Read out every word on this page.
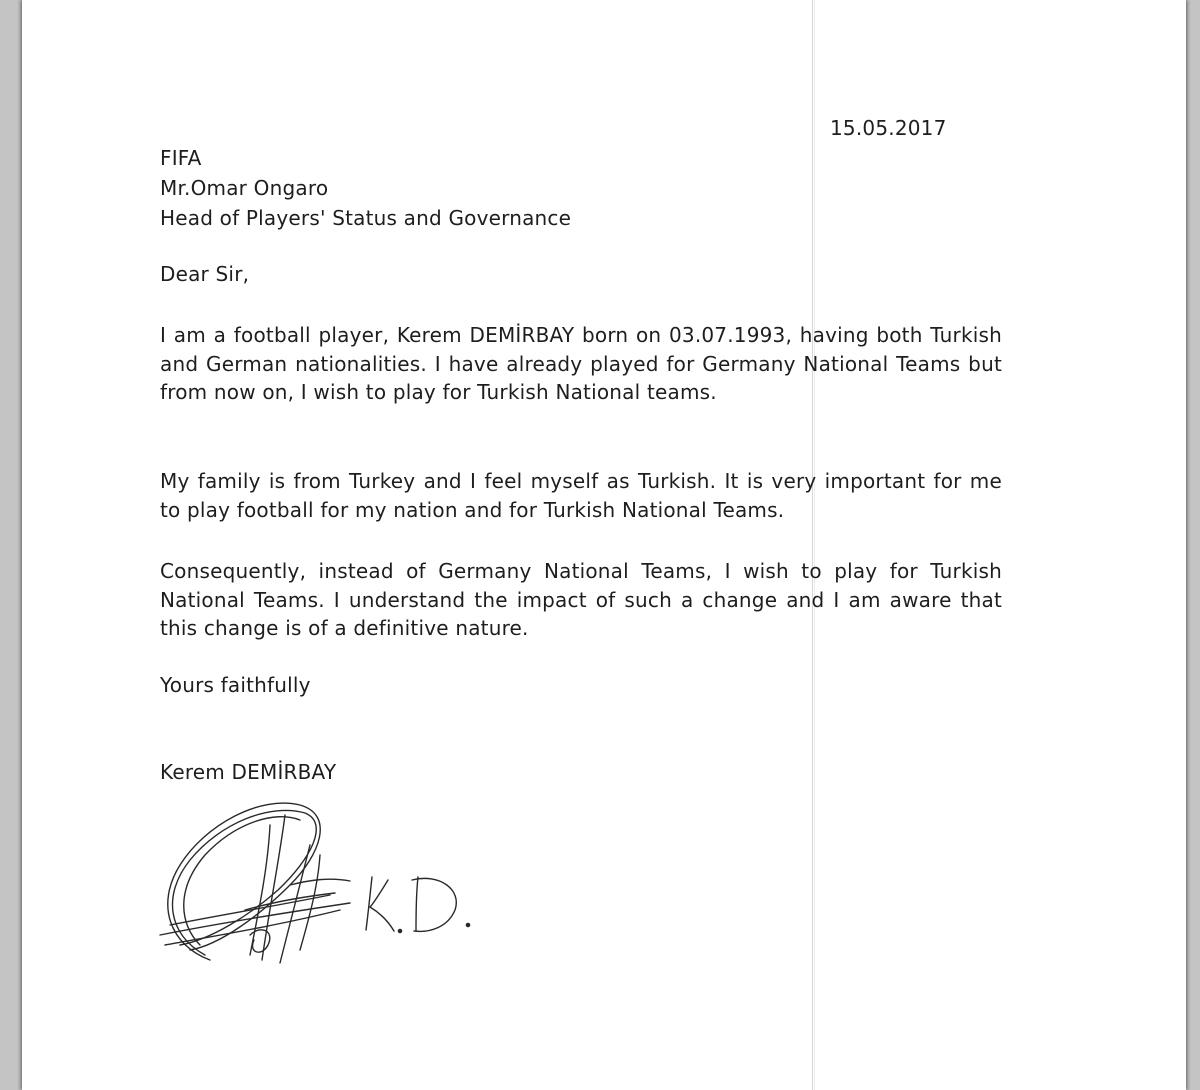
15.05.2017
FIFA
Mr.Omar Ongaro
Head of Players' Status and Governance
Dear Sir,

I am a football player, Kerem DEMİRBAY born on 03.07.1993, having both Turkish and German nationalities. I have already played for Germany National Teams but from now on, I wish to play for Turkish National teams.

My family is from Turkey and I feel myself as Turkish. It is very important for me to play football for my nation and for Turkish National Teams.

Consequently, instead of Germany National Teams, I wish to play for Turkish National Teams. I understand the impact of such a change and I am aware that this change is of a definitive nature.

Yours faithfully
Kerem DEMİRBAY
